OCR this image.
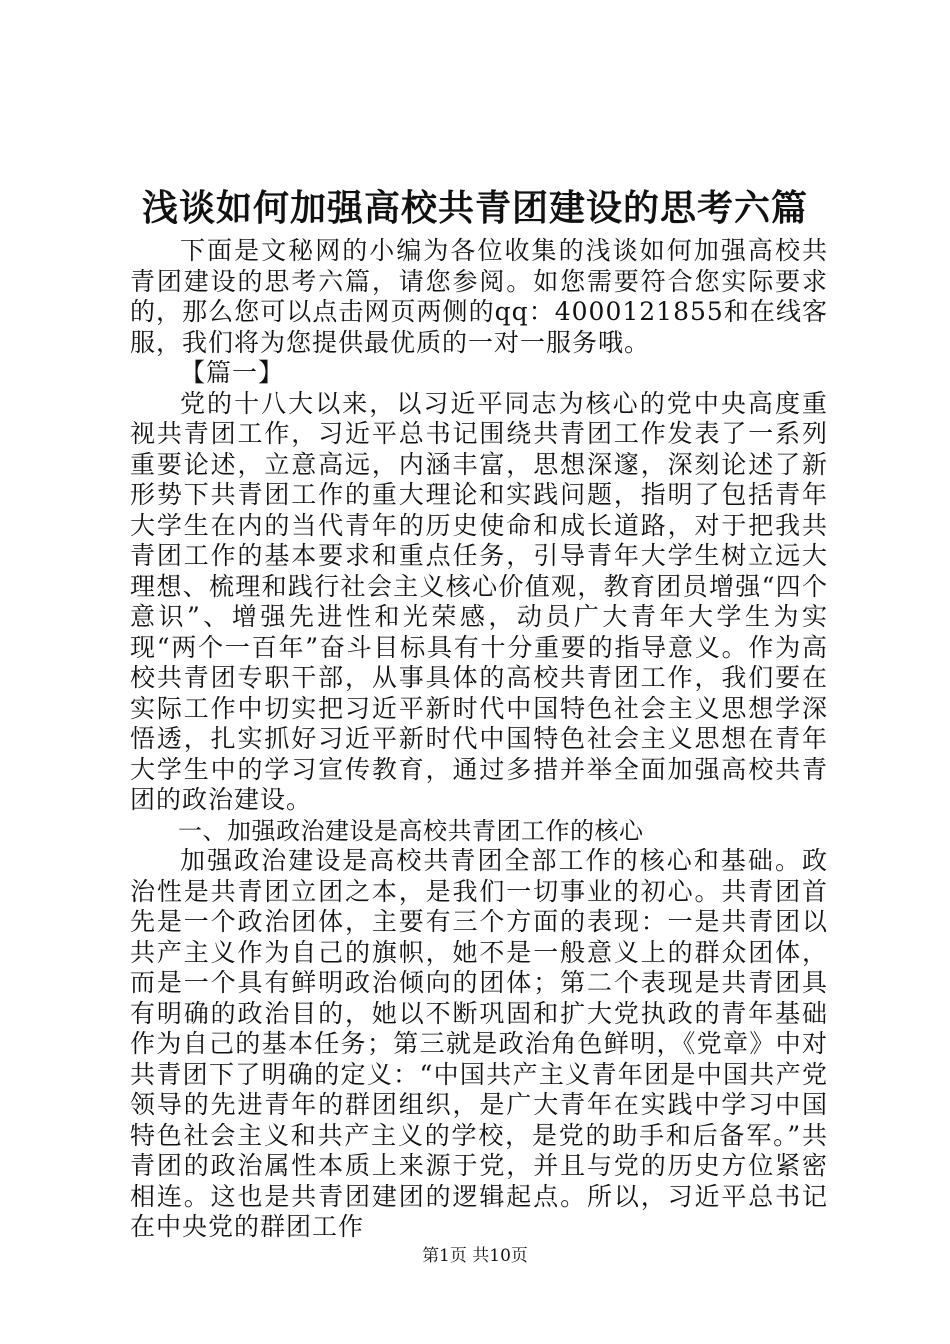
浅谈如何加强高校共青团建设的思考六篇

下面是文秘网的小编为各位收集的浅谈如何加强高校共青团建设的思考六篇，请您参阅。如您需要符合您实际要求的，那么您可以点击网页两侧的qq：4000121855和在线客服，我们将为您提供最优质的一对一服务哦。

【篇一】

党的十八大以来，以习近平同志为核心的党中央高度重视共青团工作，习近平总书记围绕共青团工作发表了一系列重要论述，立意高远，内涵丰富，思想深邃，深刻论述了新形势下共青团工作的重大理论和实践问题，指明了包括青年大学生在内的当代青年的历史使命和成长道路，对于把我共青团工作的基本要求和重点任务，引导青年大学生树立远大理想、梳理和践行社会主义核心价值观，教育团员增强“四个意识”、增强先进性和光荣感，动员广大青年大学生为实现“两个一百年”奋斗目标具有十分重要的指导意义。作为高校共青团专职干部，从事具体的高校共青团工作，我们要在实际工作中切实把习近平新时代中国特色社会主义思想学深悟透，扎实抓好习近平新时代中国特色社会主义思想在青年大学生中的学习宣传教育，通过多措并举全面加强高校共青团的政治建设。

一、加强政治建设是高校共青团工作的核心

加强政治建设是高校共青团全部工作的核心和基础。政治性是共青团立团之本，是我们一切事业的初心。共青团首先是一个政治团体，主要有三个方面的表现：一是共青团以共产主义作为自己的旗帜，她不是一般意义上的群众团体，而是一个具有鲜明政治倾向的团体；第二个表现是共青团具有明确的政治目的，她以不断巩固和扩大党执政的青年基础作为自己的基本任务；第三就是政治角色鲜明，《党章》中对共青团下了明确的定义：“中国共产主义青年团是中国共产党领导的先进青年的群团组织，是广大青年在实践中学习中国特色社会主义和共产主义的学校，是党的助手和后备军。”共青团的政治属性本质上来源于党，并且与党的历史方位紧密相连。这也是共青团建团的逻辑起点。所以，习近平总书记在中央党的群团工作

第1页 共10页
